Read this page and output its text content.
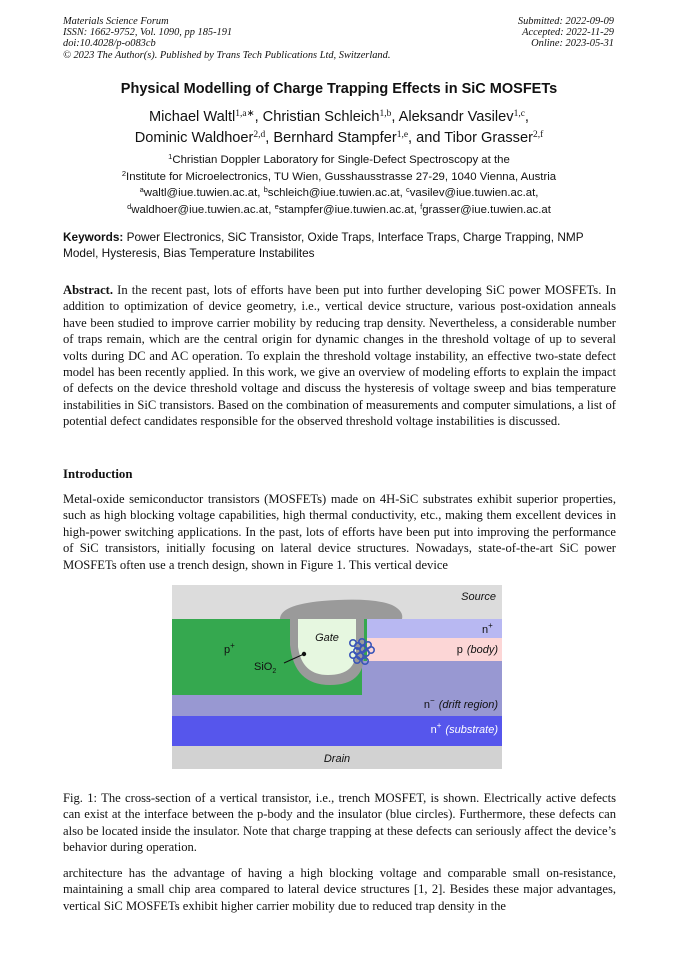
Materials Science Forum
ISSN: 1662-9752, Vol. 1090, pp 185-191
doi:10.4028/p-o083cb
© 2023 The Author(s). Published by Trans Tech Publications Ltd, Switzerland.
Submitted: 2022-09-09
Accepted: 2022-11-29
Online: 2023-05-31
Physical Modelling of Charge Trapping Effects in SiC MOSFETs
Michael Waltl$^{1,a∗}$, Christian Schleich$^{1,b}$, Aleksandr Vasilev$^{1,c}$,
Dominic Waldhoer$^{2,d}$, Bernhard Stampfer$^{1,e}$, and Tibor Grasser$^{2,f}$
$^1$Christian Doppler Laboratory for Single-Defect Spectroscopy at the
$^2$Institute for Microelectronics, TU Wien, Gusshausstrasse 27-29, 1040 Vienna, Austria
$^a$waltl@iue.tuwien.ac.at, $^b$schleich@iue.tuwien.ac.at, $^c$vasilev@iue.tuwien.ac.at,
$^d$waldhoer@iue.tuwien.ac.at, $^e$stampfer@iue.tuwien.ac.at, $^f$grasser@iue.tuwien.ac.at
Keywords: Power Electronics, SiC Transistor, Oxide Traps, Interface Traps, Charge Trapping, NMP Model, Hysteresis, Bias Temperature Instabilites
Abstract. In the recent past, lots of efforts have been put into further developing SiC power MOSFETs. In addition to optimization of device geometry, i.e., vertical device structure, various post-oxidation anneals have been studied to improve carrier mobility by reducing trap density. Nevertheless, a considerable number of traps remain, which are the central origin for dynamic changes in the threshold voltage of up to several volts during DC and AC operation. To explain the threshold voltage instability, an effective two-state defect model has been recently applied. In this work, we give an overview of modeling efforts to explain the impact of defects on the device threshold voltage and discuss the hysteresis of voltage sweep and bias temperature instabilities in SiC transistors. Based on the combination of measurements and computer simulations, a list of potential defect candidates responsible for the observed threshold voltage instabilities is discussed.
Introduction
Metal-oxide semiconductor transistors (MOSFETs) made on 4H-SiC substrates exhibit superior properties, such as high blocking voltage capabilities, high thermal conductivity, etc., making them excellent devices in high-power switching applications. In the past, lots of efforts have been put into improving the performance of SiC transistors, initially focusing on lateral device structures. Nowadays, state-of-the-art SiC power MOSFETs often use a trench design, shown in Figure 1. This vertical device
Source
Gate
p+
SiO$_2$
n+
p (body)
n− (drift region)
n+ (substrate)
Drain
Fig. 1: The cross-section of a vertical transistor, i.e., trench MOSFET, is shown. Electrically active defects can exist at the interface between the p-body and the insulator (blue circles). Furthermore, these defects can also be located inside the insulator. Note that charge trapping at these defects can seriously affect the device’s behavior during operation.
architecture has the advantage of having a high blocking voltage and comparable small on-resistance, maintaining a small chip area compared to lateral device structures [1, 2]. Besides these major advantages, vertical SiC MOSFETs exhibit higher carrier mobility due to reduced trap density in the
